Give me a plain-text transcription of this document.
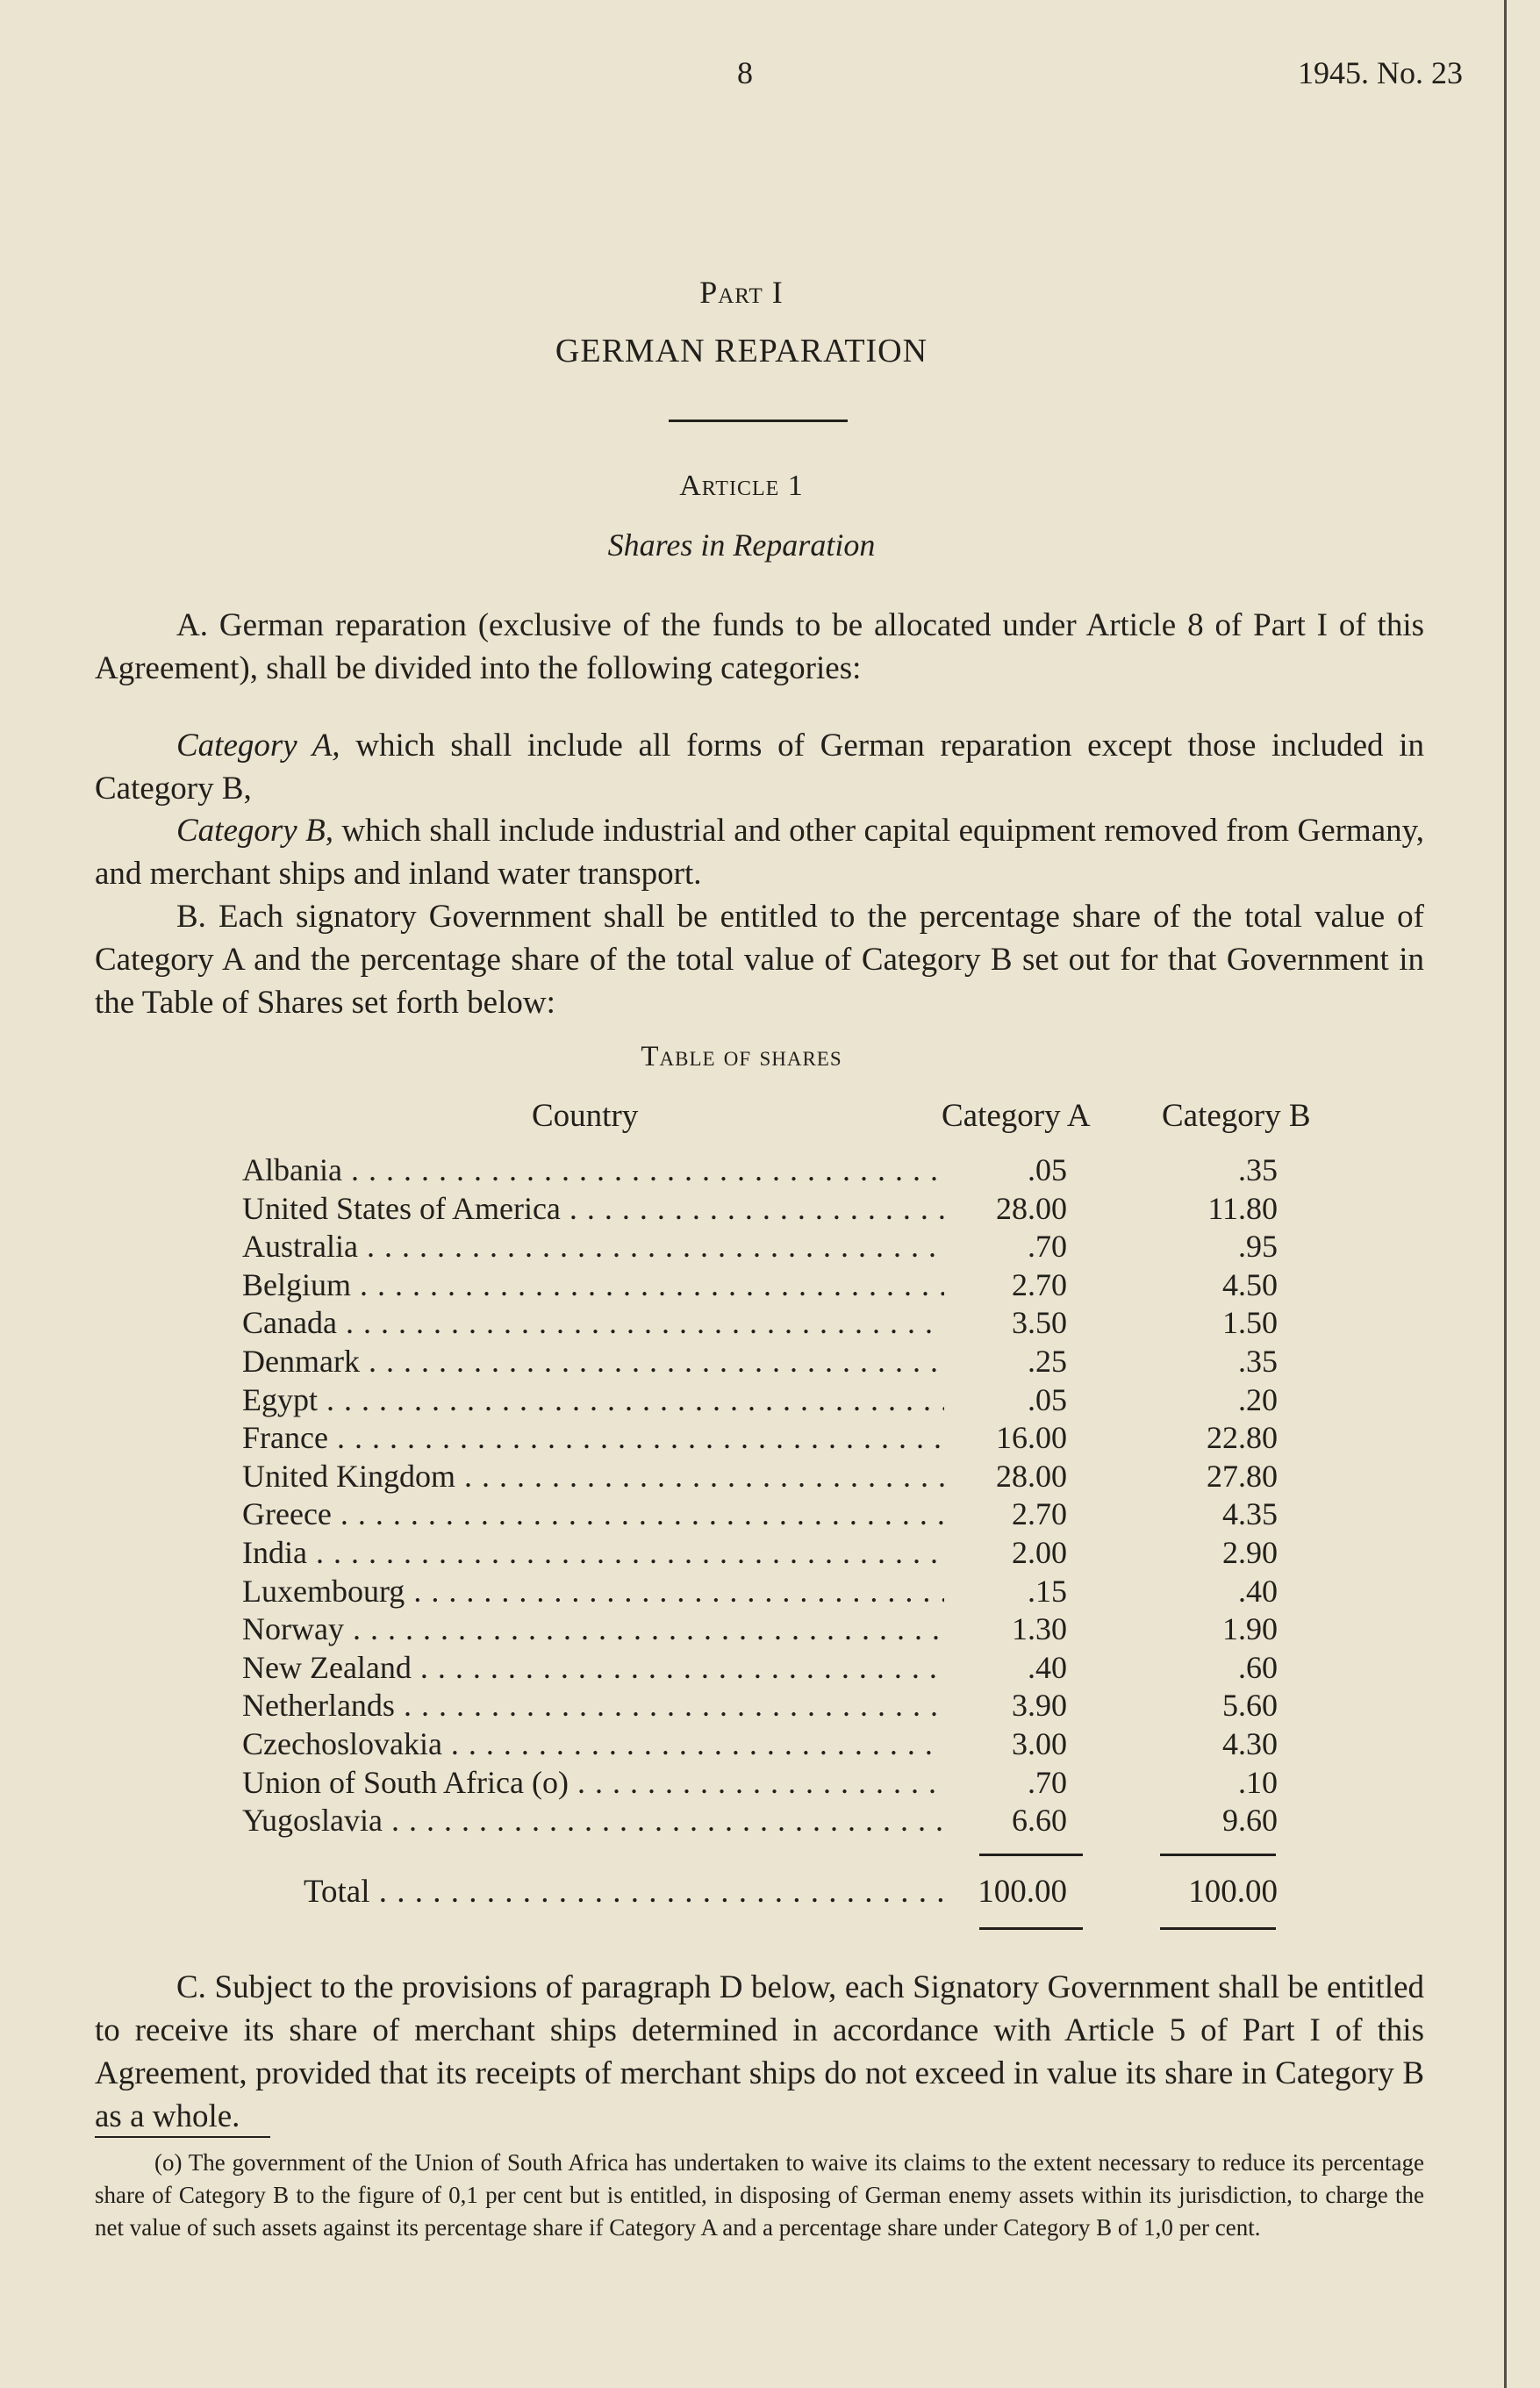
8	1945. No. 23
Part I
GERMAN REPARATION
Article 1
Shares in Reparation

A. German reparation (exclusive of the funds to be allocated under Article 8 of Part I of this Agreement), shall be divided into the following categories:

Category A, which shall include all forms of German reparation except those included in Category B,

Category B, which shall include industrial and other capital equipment removed from Germany, and merchant ships and inland water transport.

B. Each signatory Government shall be entitled to the percentage share of the total value of Category A and the percentage share of the total value of Category B set out for that Government in the Table of Shares set forth below:

Table of shares
Country	Category A Category B
Albania . . .	.05	.35
United States of America . . .	28.00	11.80
Australia . . .	.70	.95
Belgium . . .	2.70	4.50
Canada . . .	3.50	1.50
Denmark . . .	.25	.35
Egypt . . .	.05	.20
France . . .	16.00	22.80
United Kingdom . . .	28.00	27.80
Greece . . .	2.70	4.35
India . . .	2.00	2.90
Luxembourg . . .	.15	.40
Norway . . .	1.30	1.90
New Zealand . . .	.40	.60
Netherlands . . .	3.90	5.60
Czechoslovakia . . .	3.00	4.30
Union of South Africa (o) . . .	.70	.10
Yugoslavia . . .	6.60	9.60
Total . . .	100.00	100.00

C. Subject to the provisions of paragraph D below, each Signatory Government shall be entitled to receive its share of merchant ships determined in accordance with Article 5 of Part I of this Agreement, provided that its receipts of merchant ships do not exceed in value its share in Category B as a whole.

(o) The government of the Union of South Africa has undertaken to waive its claims to the extent necessary to reduce its percentage share of Category B to the figure of 0,1 per cent but is entitled, in disposing of German enemy assets within its jurisdiction, to charge the net value of such assets against its percentage share if Category A and a percentage share under Category B of 1,0 per cent.
